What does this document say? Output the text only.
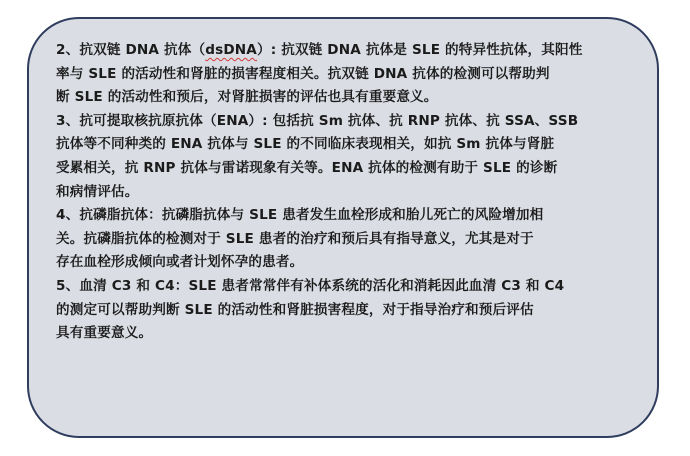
2、抗双链 DNA 抗体（dsDNA）: 抗双链 DNA 抗体是 SLE 的特异性抗体，其阳性
率与 SLE 的活动性和肾脏的损害程度相关。抗双链 DNA 抗体的检测可以帮助判
断 SLE 的活动性和预后，对肾脏损害的评估也具有重要意义。

3、抗可提取核抗原抗体（ENA）: 包括抗 Sm 抗体、抗 RNP 抗体、抗 SSA、SSB
抗体等不同种类的 ENA 抗体与 SLE 的不同临床表现相关，如抗 Sm 抗体与肾脏
受累相关，抗 RNP 抗体与雷诺现象有关等。ENA 抗体的检测有助于 SLE 的诊断
和病情评估。

4、抗磷脂抗体：抗磷脂抗体与 SLE 患者发生血栓形成和胎儿死亡的风险增加相
关。抗磷脂抗体的检测对于 SLE 患者的治疗和预后具有指导意义，尤其是对于
存在血栓形成倾向或者计划怀孕的患者。

5、血清 C3 和 C4：SLE 患者常常伴有补体系统的活化和消耗因此血清 C3 和 C4
的测定可以帮助判断 SLE 的活动性和肾脏损害程度，对于指导治疗和预后评估
具有重要意义。
